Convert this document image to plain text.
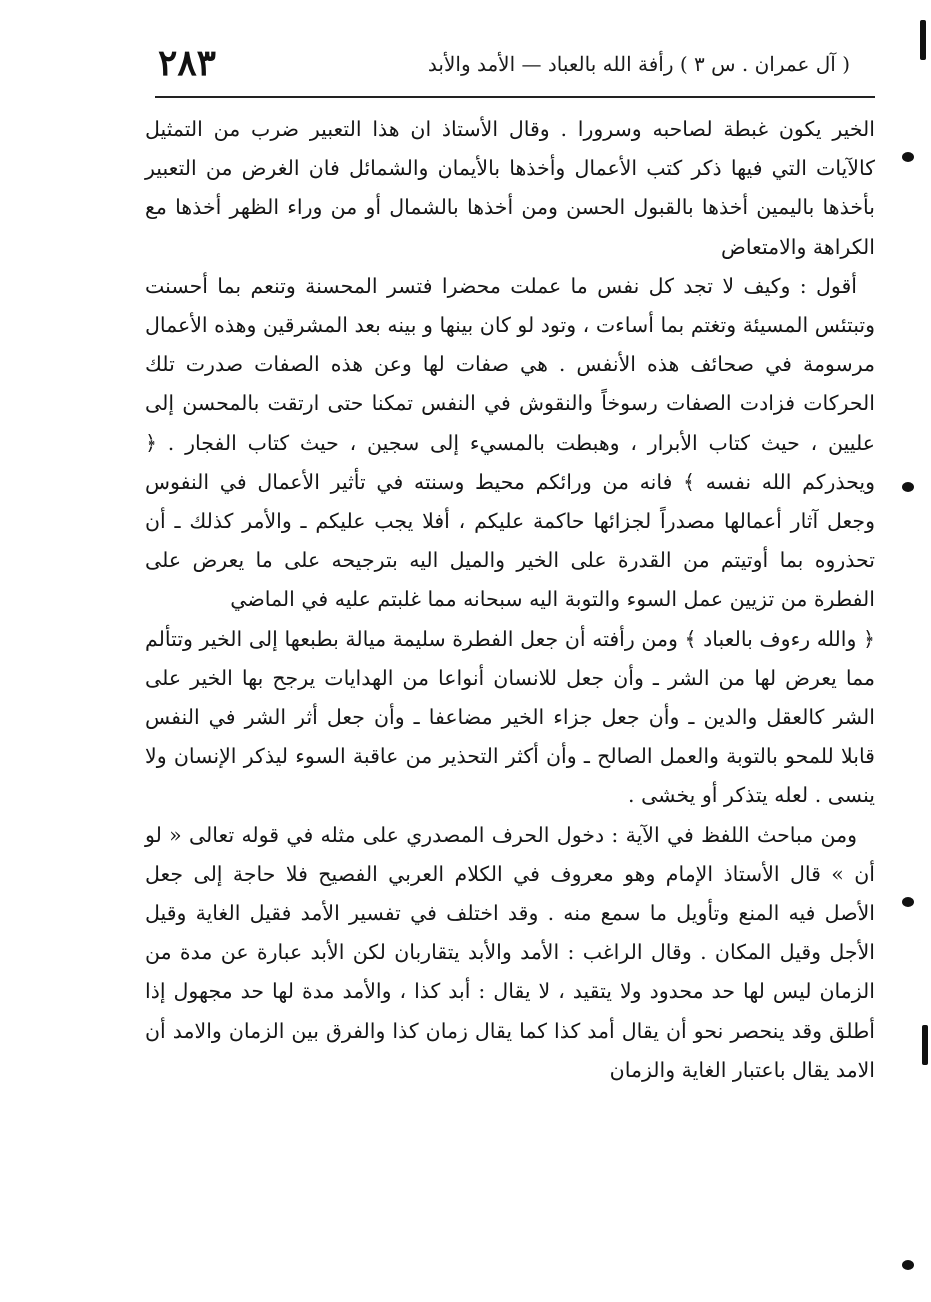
٢٨٣	( آل عمران . س ٣ ) رأفة الله بالعباد — الأمد والأبد

الخير يكون غبطة لصاحبه وسرورا . وقال الأستاذ ان هذا التعبير ضرب من التمثيل كالآيات التي فيها ذكر كتب الأعمال وأخذها بالأيمان والشمائل فان الغرض من التعبير بأخذها باليمين أخذها بالقبول الحسن ومن أخذها بالشمال أو من وراء الظهر أخذها مع الكراهة والامتعاض

أقول : وكيف لا تجد كل نفس ما عملت محضرا فتسر المحسنة وتنعم بما أحسنت وتبتئس المسيئة وتغتم بما أساءت ، وتود لو كان بينها و بينه بعد المشرقين وهذه الأعمال مرسومة في صحائف هذه الأنفس . هي صفات لها وعن هذه الصفات صدرت تلك الحركات فزادت الصفات رسوخاً والنقوش في النفس تمكنا حتى ارتقت بالمحسن إلى عليين ، حيث كتاب الأبرار ، وهبطت بالمسيء إلى سجين ، حيث كتاب الفجار . ﴿ ويحذركم الله نفسه ﴾ فانه من ورائكم محيط وسنته في تأثير الأعمال في النفوس وجعل آثار أعمالها مصدراً لجزائها حاكمة عليكم ، أفلا يجب عليكم ـ والأمر كذلك ـ أن تحذروه بما أوتيتم من القدرة على الخير والميل اليه بترجيحه على ما يعرض على الفطرة من تزيين عمل السوء والتوبة اليه سبحانه مما غلبتم عليه في الماضي

﴿ والله رءوف بالعباد ﴾ ومن رأفته أن جعل الفطرة سليمة ميالة بطبعها إلى الخير وتتألم مما يعرض لها من الشر ـ وأن جعل للانسان أنواعا من الهدايات يرجح بها الخير على الشر كالعقل والدين ـ وأن جعل جزاء الخير مضاعفا ـ وأن جعل أثر الشر في النفس قابلا للمحو بالتوبة والعمل الصالح ـ وأن أكثر التحذير من عاقبة السوء ليذكر الإنسان ولا ينسى . لعله يتذكر أو يخشى .

ومن مباحث اللفظ في الآية : دخول الحرف المصدري على مثله في قوله تعالى « لو أن » قال الأستاذ الإمام وهو معروف في الكلام العربي الفصيح فلا حاجة إلى جعل الأصل فيه المنع وتأويل ما سمع منه . وقد اختلف في تفسير الأمد فقيل الغاية وقيل الأجل وقيل المكان . وقال الراغب : الأمد والأبد يتقاربان لكن الأبد عبارة عن مدة من الزمان ليس لها حد محدود ولا يتقيد ، لا يقال : أبد كذا ، والأمد مدة لها حد مجهول إذا أطلق وقد ينحصر نحو أن يقال أمد كذا كما يقال زمان كذا والفرق بين الزمان والامد أن الامد يقال باعتبار الغاية والزمان
